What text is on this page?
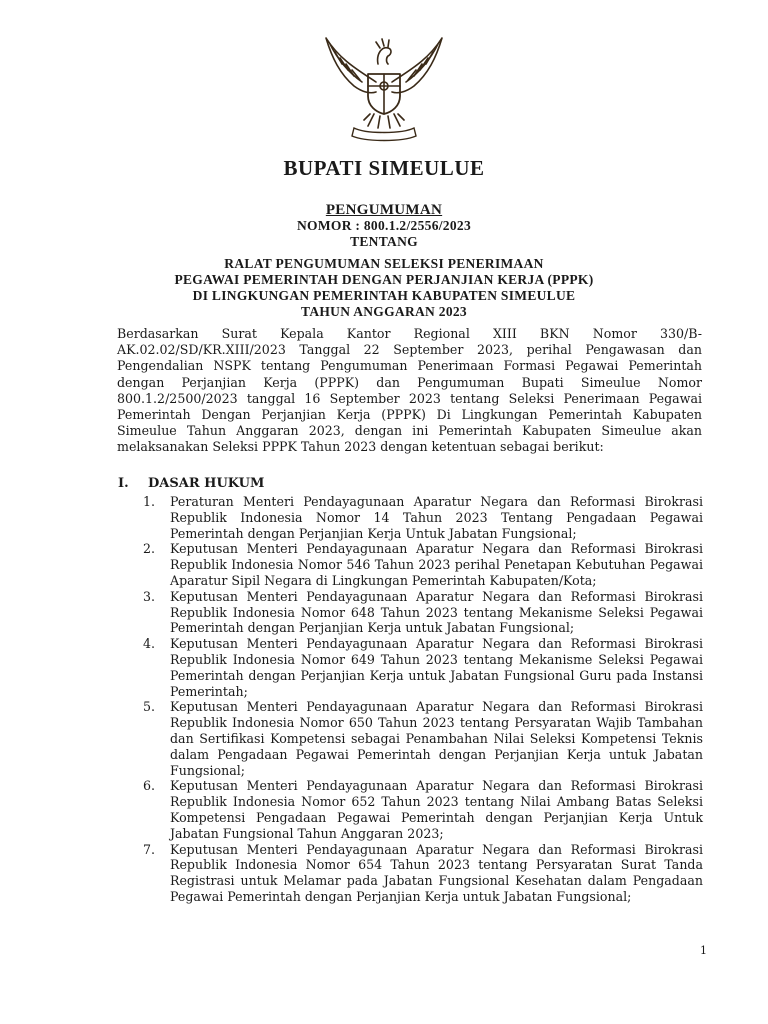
BUPATI SIMEULUE
PENGUMUMAN
NOMOR : 800.1.2/2556/2023
TENTANG
RALAT PENGUMUMAN SELEKSI PENERIMAAN
PEGAWAI PEMERINTAH DENGAN PERJANJIAN KERJA (PPPK)
DI LINGKUNGAN PEMERINTAH KABUPATEN SIMEULUE
TAHUN ANGGARAN 2023
Berdasarkan Surat Kepala Kantor Regional XIII BKN Nomor 330/B-AK.02.02/SD/KR.XIII/2023 Tanggal 22 September 2023, perihal Pengawasan dan Pengendalian NSPK tentang Pengumuman Penerimaan Formasi Pegawai Pemerintah dengan Perjanjian Kerja (PPPK) dan Pengumuman Bupati Simeulue Nomor 800.1.2/2500/2023 tanggal 16 September 2023 tentang Seleksi Penerimaan Pegawai Pemerintah Dengan Perjanjian Kerja (PPPK) Di Lingkungan Pemerintah Kabupaten Simeulue Tahun Anggaran 2023, dengan ini Pemerintah Kabupaten Simeulue akan melaksanakan Seleksi PPPK Tahun 2023 dengan ketentuan sebagai berikut:
I. DASAR HUKUM
1. Peraturan Menteri Pendayagunaan Aparatur Negara dan Reformasi Birokrasi Republik Indonesia Nomor 14 Tahun 2023 Tentang Pengadaan Pegawai Pemerintah dengan Perjanjian Kerja Untuk Jabatan Fungsional;
2. Keputusan Menteri Pendayagunaan Aparatur Negara dan Reformasi Birokrasi Republik Indonesia Nomor 546 Tahun 2023 perihal Penetapan Kebutuhan Pegawai Aparatur Sipil Negara di Lingkungan Pemerintah Kabupaten/Kota;
3. Keputusan Menteri Pendayagunaan Aparatur Negara dan Reformasi Birokrasi Republik Indonesia Nomor 648 Tahun 2023 tentang Mekanisme Seleksi Pegawai Pemerintah dengan Perjanjian Kerja untuk Jabatan Fungsional;
4. Keputusan Menteri Pendayagunaan Aparatur Negara dan Reformasi Birokrasi Republik Indonesia Nomor 649 Tahun 2023 tentang Mekanisme Seleksi Pegawai Pemerintah dengan Perjanjian Kerja untuk Jabatan Fungsional Guru pada Instansi Pemerintah;
5. Keputusan Menteri Pendayagunaan Aparatur Negara dan Reformasi Birokrasi Republik Indonesia Nomor 650 Tahun 2023 tentang Persyaratan Wajib Tambahan dan Sertifikasi Kompetensi sebagai Penambahan Nilai Seleksi Kompetensi Teknis dalam Pengadaan Pegawai Pemerintah dengan Perjanjian Kerja untuk Jabatan Fungsional;
6. Keputusan Menteri Pendayagunaan Aparatur Negara dan Reformasi Birokrasi Republik Indonesia Nomor 652 Tahun 2023 tentang Nilai Ambang Batas Seleksi Kompetensi Pengadaan Pegawai Pemerintah dengan Perjanjian Kerja Untuk Jabatan Fungsional Tahun Anggaran 2023;
7. Keputusan Menteri Pendayagunaan Aparatur Negara dan Reformasi Birokrasi Republik Indonesia Nomor 654 Tahun 2023 tentang Persyaratan Surat Tanda Registrasi untuk Melamar pada Jabatan Fungsional Kesehatan dalam Pengadaan Pegawai Pemerintah dengan Perjanjian Kerja untuk Jabatan Fungsional;
1
